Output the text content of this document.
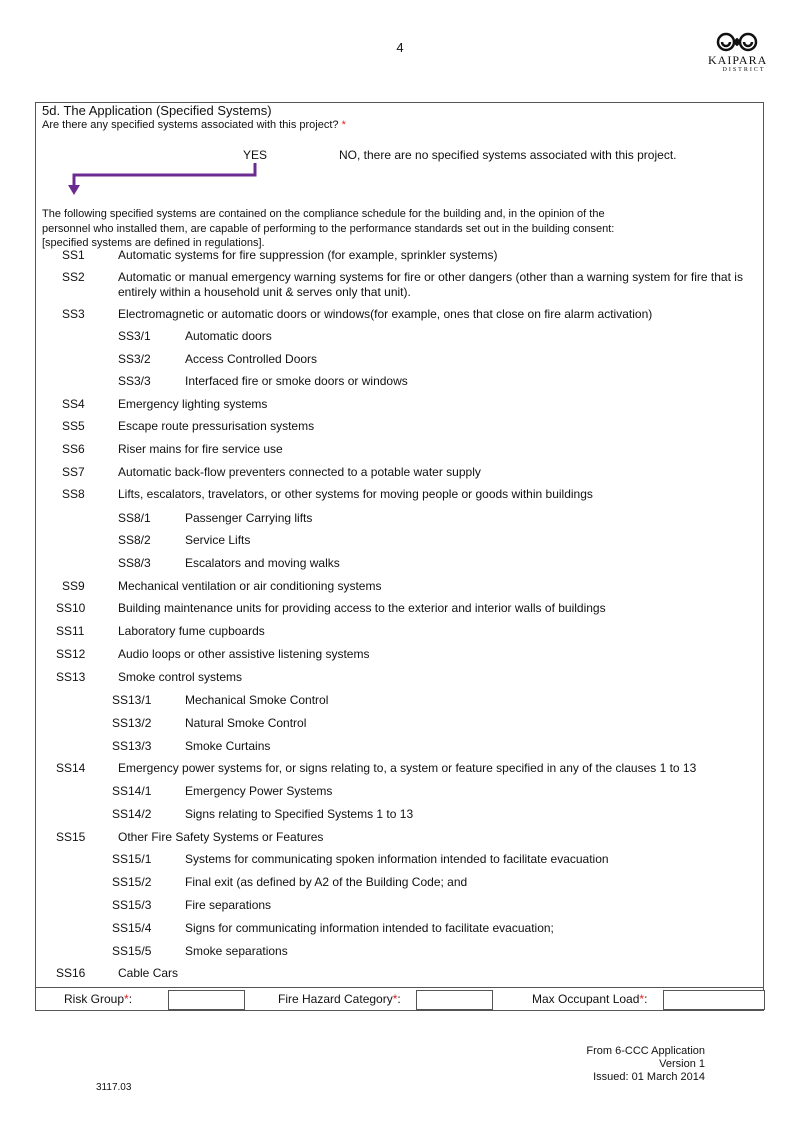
4
KAIPARA
DISTRICT
5d. The Application (Specified Systems)
Are there any specified systems associated with this project? *
YES	NO, there are no specified systems associated with this project.
The following specified systems are contained on the compliance schedule for the building and, in the opinion of the personnel who installed them, are capable of performing to the performance standards set out in the building consent: [specified systems are defined in regulations].
SS1	Automatic systems for fire suppression (for example, sprinkler systems)
SS2	Automatic or manual emergency warning systems for fire or other dangers (other than a warning system for fire that is entirely within a household unit & serves only that unit).
SS3	Electromagnetic or automatic doors or windows(for example, ones that close on fire alarm activation)
SS3/1	Automatic doors
SS3/2	Access Controlled Doors
SS3/3	Interfaced fire or smoke doors or windows
SS4	Emergency lighting systems
SS5	Escape route pressurisation systems
SS6	Riser mains for fire service use
SS7	Automatic back-flow preventers connected to a potable water supply
SS8	Lifts, escalators, travelators, or other systems for moving people or goods within buildings
SS8/1	Passenger Carrying lifts
SS8/2	Service Lifts
SS8/3	Escalators and moving walks
SS9	Mechanical ventilation or air conditioning systems
SS10	Building maintenance units for providing access to the exterior and interior walls of buildings
SS11	Laboratory fume cupboards
SS12	Audio loops or other assistive listening systems
SS13	Smoke control systems
SS13/1	Mechanical Smoke Control
SS13/2	Natural Smoke Control
SS13/3	Smoke Curtains
SS14	Emergency power systems for, or signs relating to, a system or feature specified in any of the clauses 1 to 13
SS14/1	Emergency Power Systems
SS14/2	Signs relating to Specified Systems 1 to 13
SS15	Other Fire Safety Systems or Features
SS15/1	Systems for communicating spoken information intended to facilitate evacuation
SS15/2	Final exit (as defined by A2 of the Building Code; and
SS15/3	Fire separations
SS15/4	Signs for communicating information intended to facilitate evacuation;
SS15/5	Smoke separations
SS16	Cable Cars
Risk Group*:	Fire Hazard Category*:	Max Occupant Load*:
From 6-CCC Application
Version 1
Issued: 01 March 2014
3117.03
